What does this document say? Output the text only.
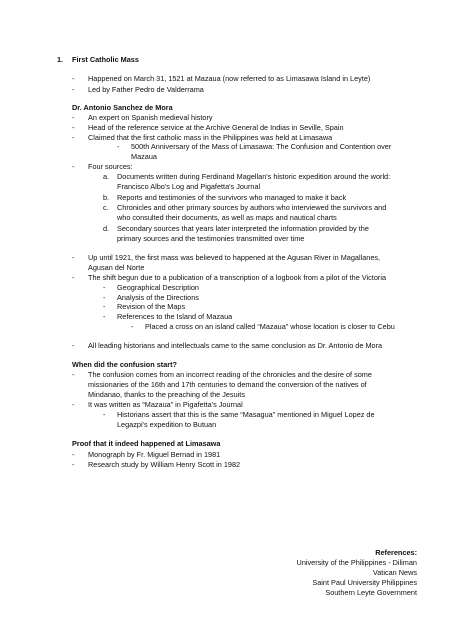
1. First Catholic Mass
- Happened on March 31, 1521 at Mazaua (now referred to as Limasawa Island in Leyte)
- Led by Father Pedro de Valderrama
Dr. Antonio Sanchez de Mora
- An expert on Spanish medieval history
- Head of the reference service at the Archive General de Indias in Seville, Spain
- Claimed that the first catholic mass in the Philippines was held at Limasawa
- 500th Anniversary of the Mass of Limasawa: The Confusion and Contention over
Mazaua
- Four sources:
a. Documents written during Ferdinand Magellan's historic expedition around the world:
Francisco Albo's Log and Pigafetta's Journal
b. Reports and testimonies of the survivors who managed to make it back
c. Chronicles and other primary sources by authors who interviewed the survivors and
who consulted their documents, as well as maps and nautical charts
d. Secondary sources that years later interpreted the information provided by the
primary sources and the testimonies transmitted over time
- Up until 1921, the first mass was believed to happened at the Agusan River in Magallanes,
Agusan del Norte
- The shift begun due to a publication of a transcription of a logbook from a pilot of the Victoria
- Geographical Description
- Analysis of the Directions
- Revision of the Maps
- References to the Island of Mazaua
- Placed a cross on an island called “Mazaua” whose location is closer to Cebu
- All leading historians and intellectuals came to the same conclusion as Dr. Antonio de Mora
When did the confusion start?
- The confusion comes from an incorrect reading of the chronicles and the desire of some
missionaries of the 16th and 17th centuries to demand the conversion of the natives of
Mindanao, thanks to the preaching of the Jesuits
- It was written as “Mazaua” in Pigafetta's Journal
- Historians assert that this is the same “Masagua” mentioned in Miguel Lopez de
Legazpi's expedition to Butuan
Proof that it indeed happened at Limasawa
- Monograph by Fr. Miguel Bernad in 1981
- Research study by William Henry Scott in 1982
References:
University of the Philippines - Diliman
Vatican News
Saint Paul University Philippines
Southern Leyte Government
